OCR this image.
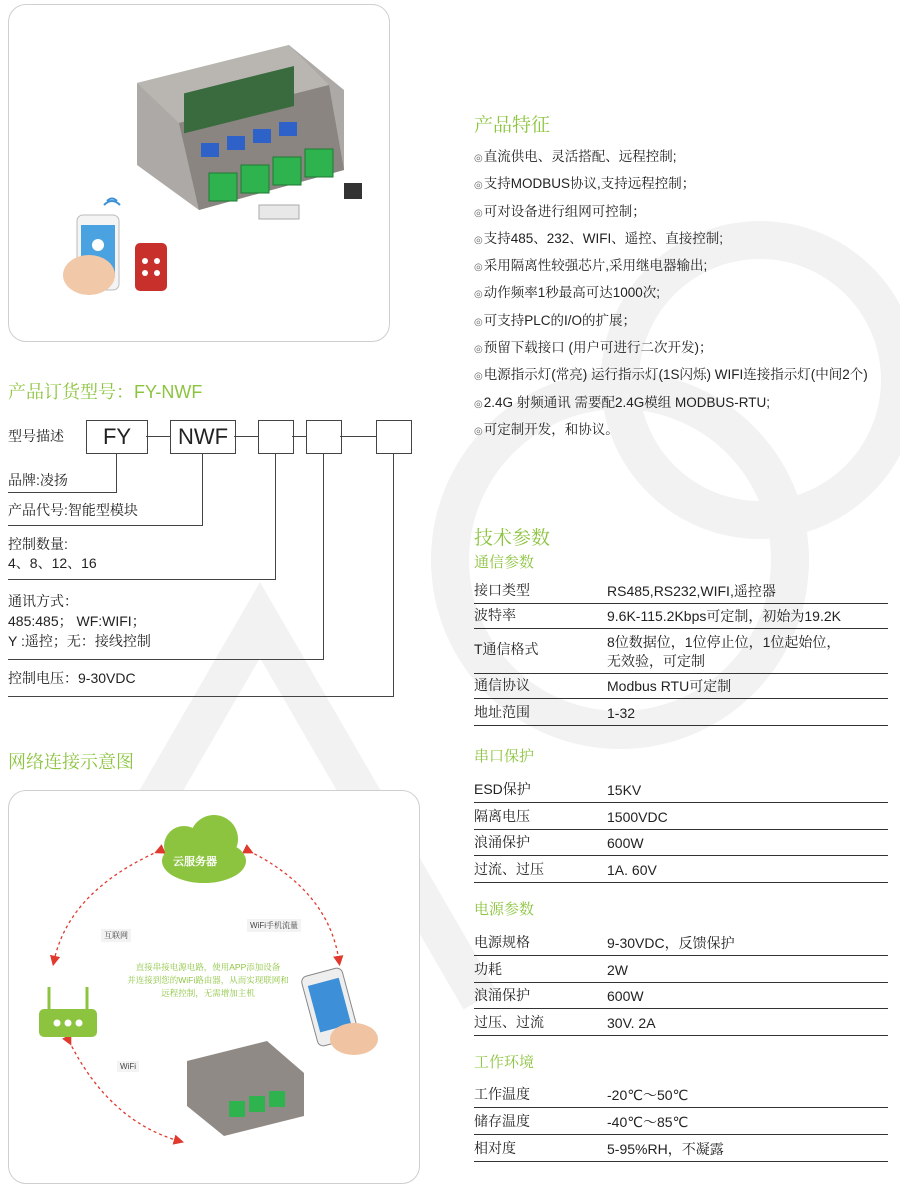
产品特征
◎ 直流供电、灵活搭配、远程控制;
◎ 支持MODBUS协议,支持远程控制；
◎ 可对设备进行组网可控制；
◎ 支持485、232、WIFI、遥控、直接控制;
◎ 采用隔离性较强芯片,采用继电器输出;
◎ 动作频率1秒最高可达1000次;
◎ 可支持PLC的I/O的扩展；
◎ 预留下载接口 (用户可进行二次开发)；
◎ 电源指示灯(常亮) 运行指示灯(1S闪烁) WIFI连接指示灯(中间2个)
◎ 2.4G 射频通讯 需要配2.4G模组 MODBUS-RTU;
◎ 可定制开发，和协议。
产品订货型号：FY-NWF
型号描述	FY	NWF
品牌:凌扬
产品代号:智能型模块
控制数量:
4、8、12、16
通讯方式：
485:485； WF:WIFI；
Y :遥控；无：接线控制
控制电压：9-30VDC
网络连接示意图
云服务器
互联网
WiFi手机流量
WiFi
直接串接电源电路，使用APP添加设备
并连接到您的WiFi路由器，从而实现联网和
远程控制，无需增加主机
技术参数
通信参数
接口类型	RS485,RS232,WIFI,遥控器
波特率	9.6K-115.2Kbps可定制，初始为19.2K
T通信格式	8位数据位，1位停止位，1位起始位，
无效验，可定制
通信协议	Modbus RTU可定制
地址范围	1-32
串口保护
ESD保护	15KV
隔离电压	1500VDC
浪涌保护	600W
过流、过压	1A. 60V
电源参数
电源规格	9-30VDC，反馈保护
功耗	2W
浪涌保护	600W
过压、过流	30V. 2A
工作环境
工作温度	-20℃～50℃
储存温度	-40℃～85℃
相对度	5-95%RH，不凝露
